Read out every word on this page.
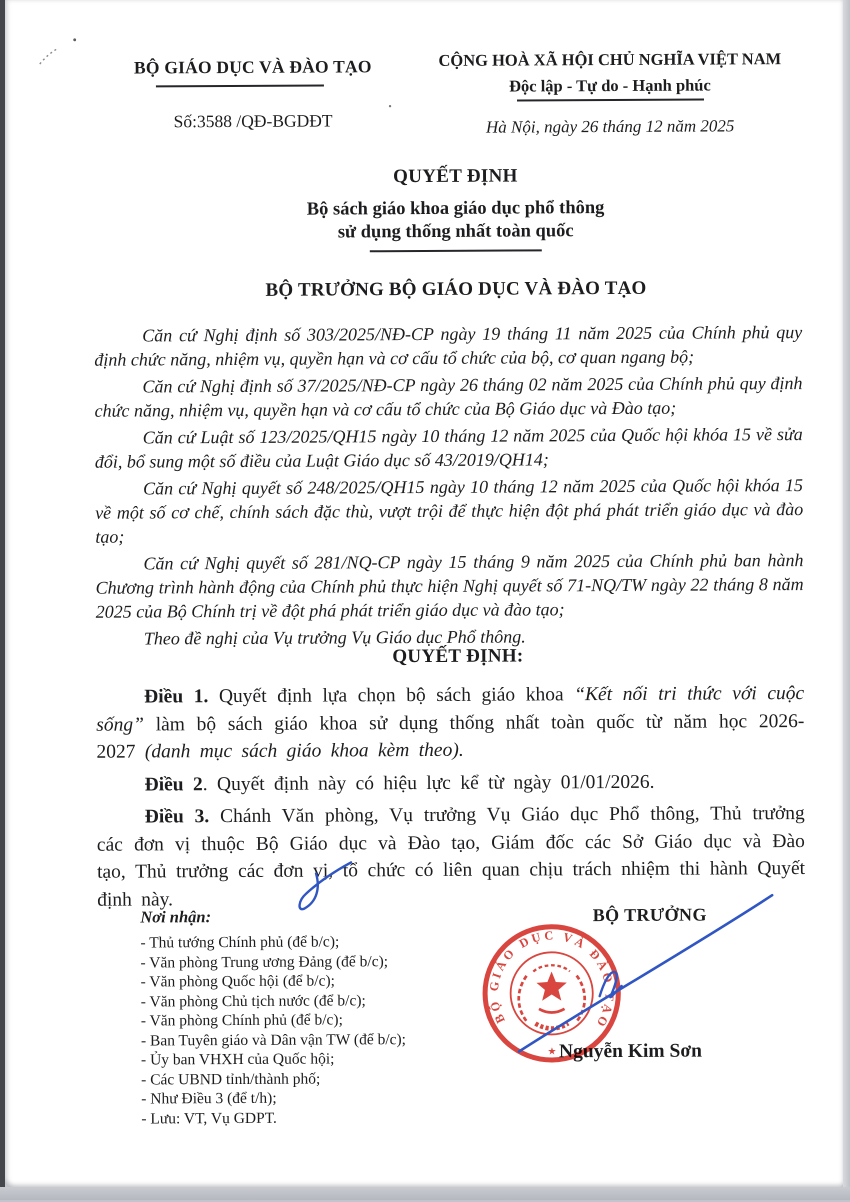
BỘ GIÁO DỤC VÀ ĐÀO TẠO
Số:3588 /QĐ-BGDĐT
CỘNG HOÀ XÃ HỘI CHỦ NGHĨA VIỆT NAM
Độc lập - Tự do - Hạnh phúc
Hà Nội, ngày 26 tháng 12 năm 2025
QUYẾT ĐỊNH
Bộ sách giáo khoa giáo dục phổ thông
sử dụng thống nhất toàn quốc
BỘ TRƯỞNG BỘ GIÁO DỤC VÀ ĐÀO TẠO

Căn cứ Nghị định số 303/2025/NĐ-CP ngày 19 tháng 11 năm 2025 của Chính phủ quy định chức năng, nhiệm vụ, quyền hạn và cơ cấu tổ chức của bộ, cơ quan ngang bộ;

Căn cứ Nghị định số 37/2025/NĐ-CP ngày 26 tháng 02 năm 2025 của Chính phủ quy định chức năng, nhiệm vụ, quyền hạn và cơ cấu tổ chức của Bộ Giáo dục và Đào tạo;

Căn cứ Luật số 123/2025/QH15 ngày 10 tháng 12 năm 2025 của Quốc hội khóa 15 về sửa đổi, bổ sung một số điều của Luật Giáo dục số 43/2019/QH14;

Căn cứ Nghị quyết số 248/2025/QH15 ngày 10 tháng 12 năm 2025 của Quốc hội khóa 15 về một số cơ chế, chính sách đặc thù, vượt trội để thực hiện đột phá phát triển giáo dục và đào tạo;

Căn cứ Nghị quyết số 281/NQ-CP ngày 15 tháng 9 năm 2025 của Chính phủ ban hành Chương trình hành động của Chính phủ thực hiện Nghị quyết số 71-NQ/TW ngày 22 tháng 8 năm 2025 của Bộ Chính trị về đột phá phát triển giáo dục và đào tạo;

Theo đề nghị của Vụ trưởng Vụ Giáo dục Phổ thông.

QUYẾT ĐỊNH:

Điều 1. Quyết định lựa chọn bộ sách giáo khoa “Kết nối tri thức với cuộc sống” làm bộ sách giáo khoa sử dụng thống nhất toàn quốc từ năm học 2026-2027 (danh mục sách giáo khoa kèm theo).

Điều 2. Quyết định này có hiệu lực kể từ ngày 01/01/2026.

Điều 3. Chánh Văn phòng, Vụ trưởng Vụ Giáo dục Phổ thông, Thủ trưởng các đơn vị thuộc Bộ Giáo dục và Đào tạo, Giám đốc các Sở Giáo dục và Đào tạo, Thủ trưởng các đơn vị, tổ chức có liên quan chịu trách nhiệm thi hành Quyết định này.

Nơi nhận:
- Thủ tướng Chính phủ (để b/c);
- Văn phòng Trung ương Đảng (để b/c);
- Văn phòng Quốc hội (để b/c);
- Văn phòng Chủ tịch nước (để b/c);
- Văn phòng Chính phủ (để b/c);
- Ban Tuyên giáo và Dân vận TW (để b/c);
- Ủy ban VHXH của Quốc hội;
- Các UBND tỉnh/thành phố;
- Như Điều 3 (để t/h);
- Lưu: VT, Vụ GDPT.
BỘ TRƯỞNG
Nguyễn Kim Sơn
BỘ GIÁO DỤC VÀ ĐÀO TẠO
★
